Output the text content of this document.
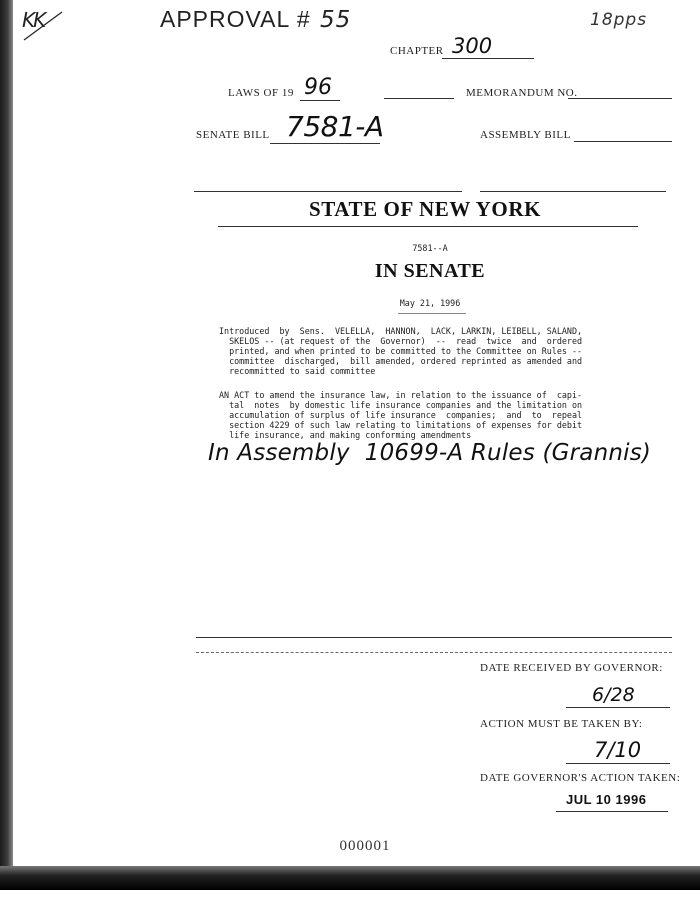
KK	APPROVAL # 55	18pps
CHAPTER 300
LAWS OF 19 96	MEMORANDUM NO.
SENATE BILL 7581-A	ASSEMBLY BILL
STATE OF NEW YORK
7581--A
IN SENATE
May 21, 1996
Introduced  by  Sens.  VELELLA,  HANNON,  LACK, LARKIN, LEIBELL, SALAND,
SKELOS -- (at request of the  Governor)  --  read  twice  and  ordered
printed, and when printed to be committed to the Committee on Rules --
committee  discharged,  bill amended, ordered reprinted as amended and
recommitted to said committee
AN ACT to amend the insurance law, in relation to the issuance of  capi-
tal  notes  by domestic life insurance companies and the limitation on
accumulation of surplus of life insurance  companies;  and  to  repeal
section 4229 of such law relating to limitations of expenses for debit
life insurance, and making conforming amendments
In Assembly  10699-A Rules (Grannis)
DATE RECEIVED BY GOVERNOR:
6/28
ACTION MUST BE TAKEN BY:
7/10
DATE GOVERNOR'S ACTION TAKEN:
JUL 10 1996
000001
